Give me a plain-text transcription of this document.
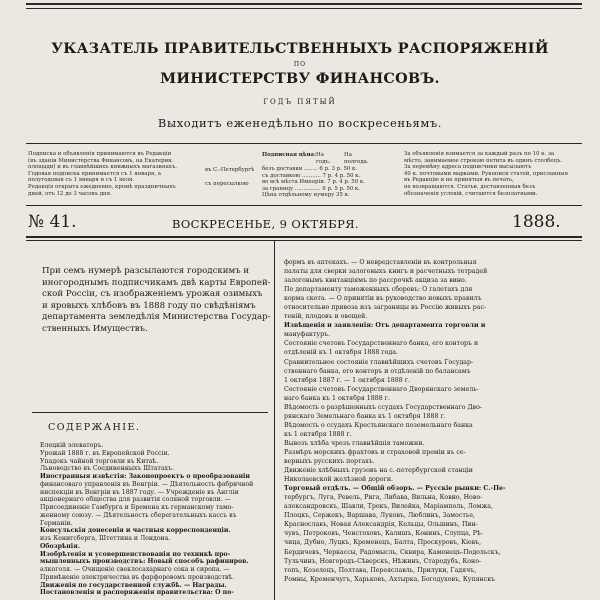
УКАЗАТЕЛЬ ПРАВИТЕЛЬСТВЕННЫХЪ РАСПОРЯЖЕНІЙ
ПО
МИНИСТЕРСТВУ ФИНАНСОВЪ.
ГОДЪ ПЯТЫЙ
Выходитъ еженедѣльно по воскресеньямъ.
Подписка и объявленія принимаются въ Редакціи
(въ зданіи Министерства Финансовъ, на Екатерин.
площади) и въ главнѣйшихъ книжныхъ магазинахъ.
Годовая подписка принимается съ 1 января, а
полугодовая съ 1 января и съ 1 іюля.
Редакція открыта ежедневно, кромѣ праздничныхъ
дней, отъ 12 до 3 часовъ дня.
въ С.-Петербургѣ
съ пересылкою
Подписная цѣна: На годъ.
На полгода.
безъ доставки ........ 6 р. 3 р. 50 к.
съ доставкою ........... 7 р. 4 р. 50 к.
во всѣ мѣста Имперіи. 7 р. 4 р. 50 к.
за границу ............... 9 р. 5 р. 50 к.
Цѣна отдѣльному нумеру 35 к.
За объявленія взимается за каждый разъ по 10 к. за
мѣсто, занимаемое строкою петита въ одинъ столбецъ.
За перемѣну адреса подписчики высылаютъ
40 к. почтовыми марками. Рукописи статей, присланныя
въ Редакцію и не принятыя въ печать,
не возвращаются. Статьи, доставленныя безъ
обозначенія условій, считаются безплатными.
№ 41.	ВОСКРЕСЕНЬЕ, 9 ОКТЯБРЯ.	1888.
При семъ нумерѣ разсылаются городскимъ и
иногороднымъ подписчикамъ двѣ карты Европей-
ской Россіи, съ изображеніемъ урожая озимыхъ
и яровыхъ хлѣбовъ въ 1888 году по свѣдѣніямъ
департамента земледѣлія Министерства Государ-
ственныхъ Имуществъ.
СОДЕРЖАНІЕ.
Елецкій элеваторъ.
Урожай 1888 г. въ Европейской Россіи.
Упадокъ чайной торговли въ Китаѣ.
Льноводство въ Соединенныхъ Штатахъ.
Иностранныя извѣстія: Законопроектъ о преобразованіи
финансоваго управленія въ Венгріи. — Дѣятельность фабричной
инспекціи въ Венгріи въ 1887 году. — Учрежденіе въ Англіи
акціонернаго общества для развитія соляной торговли. —
Присоединеніе Гамбурга и Бремена къ германскому тамо-
женному союзу. — Дѣятельность сберегательныхъ кассъ въ
Германіи.
Консульскія донесенія и частныя корреспонденціи.
изъ Кенигсберга, Штеттина и Лондона.
Обозрѣнія.
Изобрѣтенія и усовершенствованія по техникѣ про-
мышленныхъ производствъ: Новый способъ рафиниров.
алкоголя. — Очищеніе свеклосахарнаго сока и сиропа. —
Примѣненіе электричества въ фарфоровомъ производствѣ.
Движенія по государственной службѣ. — Награды.
Постановленія и распоряженія правительства: О по-
формъ въ аптекахъ. — О невредставленіи въ контрольныя
палаты для сверки залоговыхъ книгъ и расчетныхъ тетрадей
залоговымъ квитанціямъ по рассрочкѣ акциза за вино.
По департаменту таможенныхъ сборовъ: О галетахъ для
корма скота. — О принятіи въ руководство новыхъ правилъ
относительно привоза изъ заграницы въ Россію живыхъ рас-
теній, плодовъ и овощей.
Извѣщенія и заявленія: Отъ департамента торговли и
мануфактуръ.
Состояніе счетовъ Государственнаго банка, его конторъ и
отдѣленій къ 1 октября 1888 года.
Сравнительное состояніе главнѣйшихъ счетовъ Государ-
ственнаго банка, его конторъ и отдѣленій по балансамъ
1 октября 1887 г. — 1 октября 1888 г.
Состояніе счетовъ Государственнаго Дворянскаго земель-
наго банка къ 1 октября 1888 г.
Вѣдомость о разрѣшенныхъ ссудахъ Государственнаго Дво-
рянскаго Земельнаго банка къ 1 октября 1888 г.
Вѣдомость о ссудахъ Крестьянскаго поземельнаго банка
къ 1 октября 1888 г.
Вывозъ хлѣба чрезъ главнѣйшія таможни.
Размѣръ морскихъ фрахтовъ и страховой преміи въ се-
верныхъ русскихъ портахъ.
Движеніе хлѣбныхъ грузовъ на с.-петербургской станціи
Николаевской желѣзной дороги.
Торговый отдѣлъ. — Общій обзоръ. — Русскіе рынки: С.-Пе-
тербургъ, Луга, Ревель, Рига, Либава, Вильна, Ковно, Ново-
александровскъ, Шавли, Трокъ, Вилейка, Маріамполь, Ломжа,
Плоцкъ, Сержекъ, Варшава, Луковъ, Люблинъ, Замостье,
Краснославъ, Новая Александрія, Кельцы, Ольшинъ, Пин-
чувъ, Петроковъ, Ченстоховъ, Калишъ, Конинъ, Слупца, Рѣ-
чица, Дубно, Луцкъ, Кременецъ, Балта, Проскуровъ, Кіевъ,
Бердичевъ, Черкассы, Радомысль, Сквира, Каменецъ-Подольскъ,
Тульчинъ, Новгородъ-Сѣверскъ, Нѣжинъ, Стародубъ, Коно-
топъ, Козелецъ, Полтава, Переяславль, Прилуки, Гадячъ,
Ромны, Кременчугъ, Харьковъ, Ахтырка, Богодуховъ, Купянскъ
